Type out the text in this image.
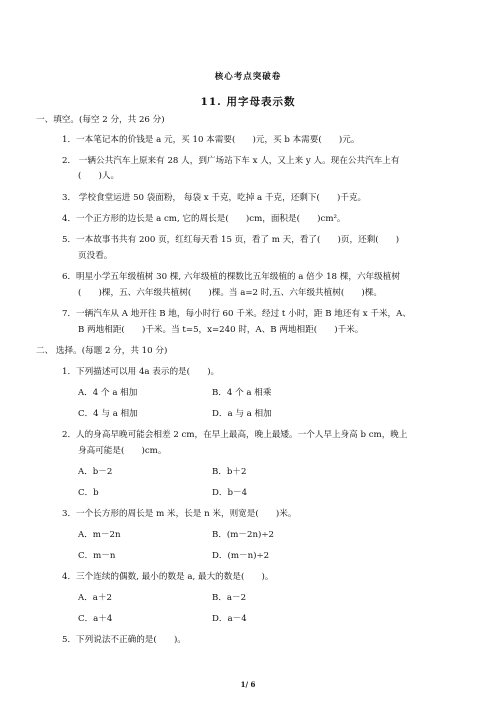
核心考点突破卷
11. 用字母表示数
一、填空。(每空 2 分，共 26 分)
1．一本笔记本的价钱是 a 元，买 10 本需要(　　)元，买 b 本需要(　　)元。
2． 一辆公共汽车上原来有 28 人，到广场站下车 x 人，又上来 y 人。现在公共汽车上有
(　　)人。
3． 学校食堂运进 50 袋面粉， 每袋 x 千克，吃掉 a 千克，还剩下(　　)千克。
4．一个正方形的边长是 a cm, 它的周长是(　　)cm，面积是(　　)cm²。
5．一本故事书共有 200 页，红红每天看 15 页，看了 m 天，看了(　　)页，还剩(　　)
页没看。
6．明星小学五年级植树 30 棵, 六年级植的棵数比五年级植的 a 倍少 18 棵，六年级植树
(　　)棵，五、六年级共植树(　　)棵。当 a=2 时,五、六年级共植树(　　)棵。
7．一辆汽车从 A 地开往 B 地，每小时行 60 千米。经过 t 小时，距 B 地还有 x 千米，A、
B 两地相距(　　)千米。当 t=5，x=240 时，A、B 两地相距(　　)千米。
二、 选择。(每题 2 分，共 10 分)
1．下列描述可以用 4a 表示的是(　　)。
A．4 个 a 相加	B．4 个 a 相乘
C．4 与 a 相加	D．a 与 a 相加
2．人的身高早晚可能会相差 2 cm，在早上最高，晚上最矮。一个人早上身高 b cm，晚上
身高可能是(　　)cm。
A．b－2	B．b＋2
C．b	D．b－4
3．一个长方形的周长是 m 米，长是 n 米，则宽是(　　)米。
A．m－2n	B．(m－2n)÷2
C．m－n	D．(m－n)÷2
4．三个连续的偶数, 最小的数是 a, 最大的数是(　　)。
A．a＋2	B．a－2
C．a＋4	D．a－4
5．下列说法不正确的是(　　)。
1/ 6
